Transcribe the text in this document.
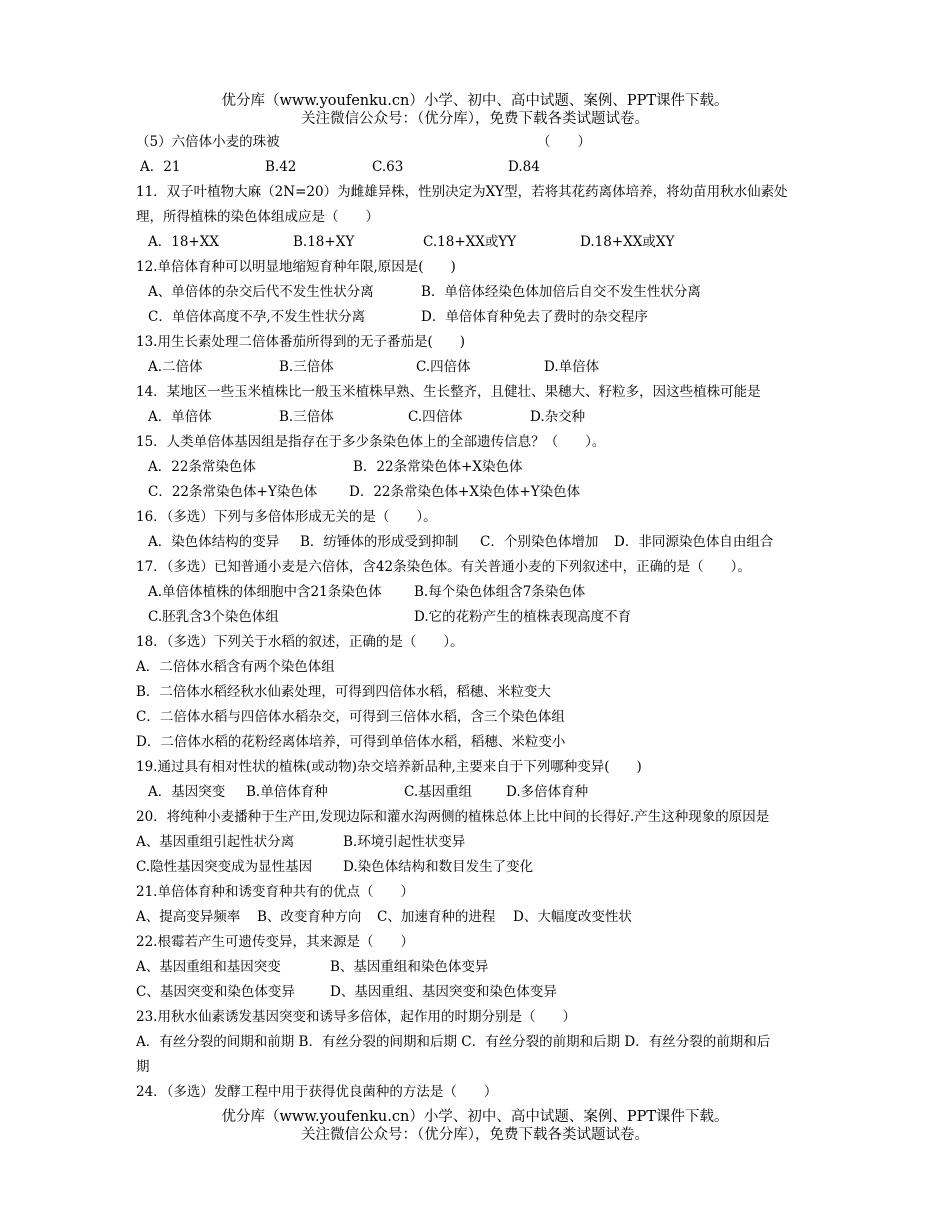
优分库（www.youfenku.cn）小学、初中、高中试题、案例、PPT课件下载。
关注微信公众号：（优分库），免费下载各类试题试卷。
（5）六倍体小麦的珠被	（　　）
A．21	B.42	C.63	D.84
11．双子叶植物大麻（2N=20）为雌雄异株，性别决定为XY型，若将其花药离体培养，将幼苗用秋水仙素处
理，所得植株的染色体组成应是（　　）
A．18+XX	B.18+XY	C.18+XX或YY	D.18+XX或XY
12.单倍体育种可以明显地缩短育种年限,原因是(　　)
A、单倍体的杂交后代不发生性状分离	B．单倍体经染色体加倍后自交不发生性状分离
C．单倍体高度不孕,不发生性状分离	D．单倍体育种免去了费时的杂交程序
13.用生长素处理二倍体番茄所得到的无子番茄是(　　)
A.二倍体	B.三倍体	C.四倍体	D.单倍体
14．某地区一些玉米植株比一般玉米植株早熟、生长整齐，且健壮、果穗大、籽粒多，因这些植株可能是
A．单倍体	B.三倍体	C.四倍体	D.杂交种
15．人类单倍体基因组是指存在于多少条染色体上的全部遗传信息？（　　）。
A．22条常染色体	B．22条常染色体+X染色体
C．22条常染色体+Y染色体 D．22条常染色体+X染色体+Y染色体
16．（多选）下列与多倍体形成无关的是（　　）。
A．染色体结构的变异 B．纺锤体的形成受到抑制 C．个别染色体增加 D．非同源染色体自由组合
17．（多选）已知普通小麦是六倍体，含42条染色体。有关普通小麦的下列叙述中，正确的是（　　）。
A.单倍体植株的体细胞中含21条染色体 B.每个染色体组含7条染色体
C.胚乳含3个染色体组	D.它的花粉产生的植株表现高度不育
18．（多选）下列关于水稻的叙述，正确的是（　　）。
A．二倍体水稻含有两个染色体组
B．二倍体水稻经秋水仙素处理，可得到四倍体水稻，稻穗、米粒变大
C．二倍体水稻与四倍体水稻杂交，可得到三倍体水稻，含三个染色体组
D．二倍体水稻的花粉经离体培养，可得到单倍体水稻，稻穗、米粒变小
19.通过具有相对性状的植株(或动物)杂交培养新品种,主要来自于下列哪种变异(　　)
A．基因突变 B.单倍体育种	C.基因重组	D.多倍体育种
20．将纯种小麦播种于生产田,发现边际和灌水沟两侧的植株总体上比中间的长得好.产生这种现象的原因是
A、基因重组引起性状分离	B.环境引起性状变异
C.隐性基因突变成为显性基因 D.染色体结构和数目发生了变化
21.单倍体育种和诱变育种共有的优点（　　）
A、提高变异频率 B、改变育种方向 C、加速育种的进程 D、大幅度改变性状
22.根霉若产生可遗传变异，其来源是（　　）
A、基因重组和基因突变	B、基因重组和染色体变异
C、基因突变和染色体变异	D、基因重组、基因突变和染色体变异
23.用秋水仙素诱发基因突变和诱导多倍体，起作用的时期分别是（　　）
A．有丝分裂的间期和前期 B．有丝分裂的间期和后期 C．有丝分裂的前期和后期 D．有丝分裂的前期和后
期
24．（多选）发酵工程中用于获得优良菌种的方法是（　　）
优分库（www.youfenku.cn）小学、初中、高中试题、案例、PPT课件下载。
关注微信公众号：（优分库），免费下载各类试题试卷。
